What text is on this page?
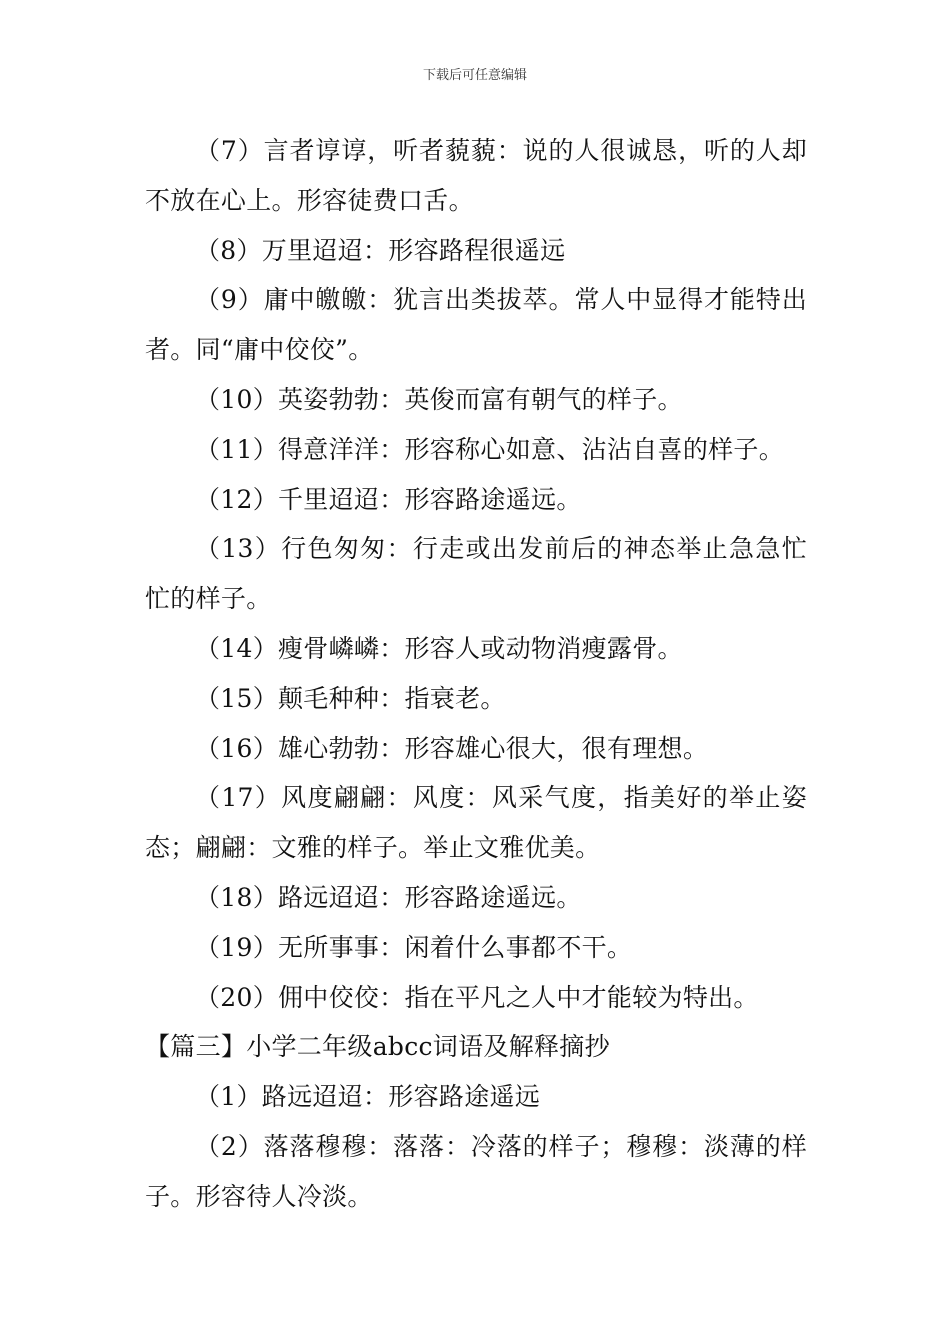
下载后可任意编辑

（7）言者谆谆，听者藐藐：说的人很诚恳，听的人却不放在心上。形容徒费口舌。

（8）万里迢迢：形容路程很遥远

（9）庸中皦皦：犹言出类拔萃。常人中显得才能特出者。同“庸中佼佼”。

（10）英姿勃勃：英俊而富有朝气的样子。

（11）得意洋洋：形容称心如意、沾沾自喜的样子。

（12）千里迢迢：形容路途遥远。

（13）行色匆匆：行走或出发前后的神态举止急急忙忙的样子。

（14）瘦骨嶙嶙：形容人或动物消瘦露骨。

（15）颠毛种种：指衰老。

（16）雄心勃勃：形容雄心很大，很有理想。

（17）风度翩翩：风度：风采气度，指美好的举止姿态；翩翩：文雅的样子。举止文雅优美。

（18）路远迢迢：形容路途遥远。

（19）无所事事：闲着什么事都不干。

（20）佣中佼佼：指在平凡之人中才能较为特出。

【篇三】小学二年级abcc词语及解释摘抄

（1）路远迢迢：形容路途遥远

（2）落落穆穆：落落：冷落的样子；穆穆：淡薄的样子。形容待人冷淡。
